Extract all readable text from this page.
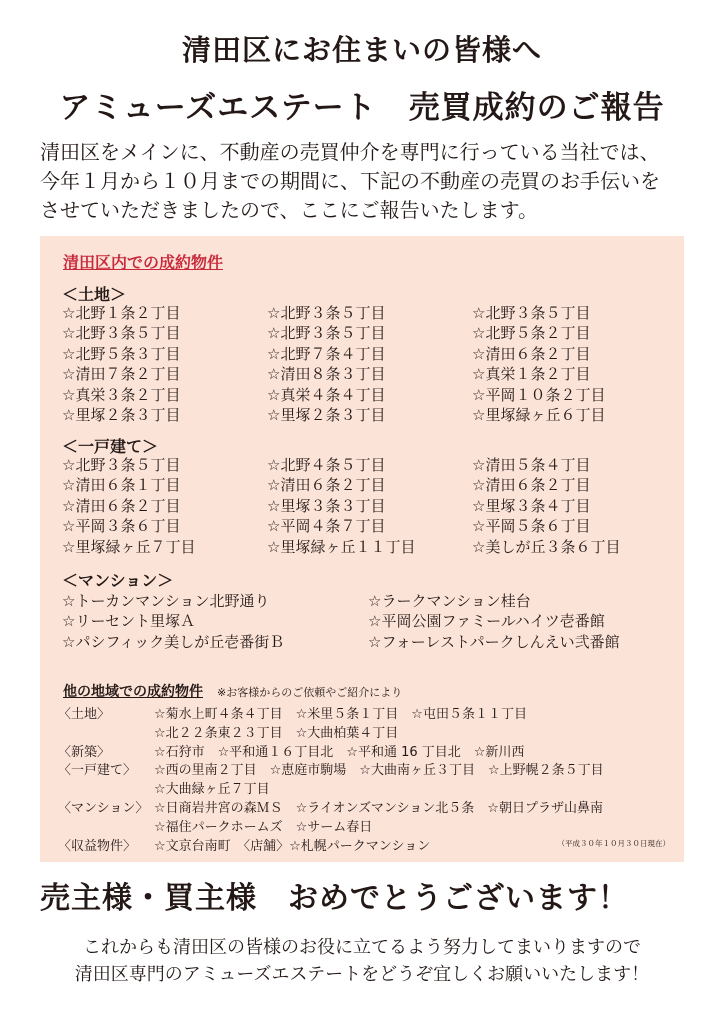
清田区にお住まいの皆様へ
アミューズエステート　売買成約のご報告
清田区をメインに、不動産の売買仲介を専門に行っている当社では、
今年１月から１０月までの期間に、下記の不動産の売買のお手伝いを
させていただきましたので、ここにご報告いたします。
清田区内での成約物件
＜土地＞
☆北野１条２丁目	☆北野３条５丁目	☆北野３条５丁目
☆北野３条５丁目	☆北野３条５丁目	☆北野５条２丁目
☆北野５条３丁目	☆北野７条４丁目	☆清田６条２丁目
☆清田７条２丁目	☆清田８条３丁目	☆真栄１条２丁目
☆真栄３条２丁目	☆真栄４条４丁目	☆平岡１０条２丁目
☆里塚２条３丁目	☆里塚２条３丁目	☆里塚緑ヶ丘６丁目
＜一戸建て＞
☆北野３条５丁目	☆北野４条５丁目	☆清田５条４丁目
☆清田６条１丁目	☆清田６条２丁目	☆清田６条２丁目
☆清田６条２丁目	☆里塚３条３丁目	☆里塚３条４丁目
☆平岡３条６丁目	☆平岡４条７丁目	☆平岡５条６丁目
☆里塚緑ヶ丘７丁目	☆里塚緑ヶ丘１１丁目	☆美しが丘３条６丁目
＜マンション＞
☆トーカンマンション北野通り	☆ラークマンション桂台
☆リーセント里塚Ａ	☆平岡公園ファミールハイツ壱番館
☆パシフィック美しが丘壱番街Ｂ	☆フォーレストパークしんえい弐番館
他の地域での成約物件 ※お客様からのご依頼やご紹介により
〈土地〉	☆菊水上町４条４丁目　☆米里５条１丁目　☆屯田５条１１丁目
☆北２２条東２３丁目　☆大曲柏葉４丁目
〈新築〉	☆石狩市　☆平和通１６丁目北　☆平和通 16 丁目北　☆新川西
〈一戸建て〉	☆西の里南２丁目　☆恵庭市駒場　☆大曲南ヶ丘３丁目　☆上野幌２条５丁目
☆大曲緑ヶ丘７丁目
〈マンション〉 ☆日商岩井宮の森ＭＳ　☆ライオンズマンション北５条　☆朝日プラザ山鼻南
☆福住パークホームズ　☆サーム春日
〈収益物件〉	☆文京台南町　〈店舗〉☆札幌パークマンション	（平成３０年１０月３０日現在）
売主様・買主様　おめでとうございます！
これからも清田区の皆様のお役に立てるよう努力してまいりますので
清田区専門のアミューズエステートをどうぞ宜しくお願いいたします！
